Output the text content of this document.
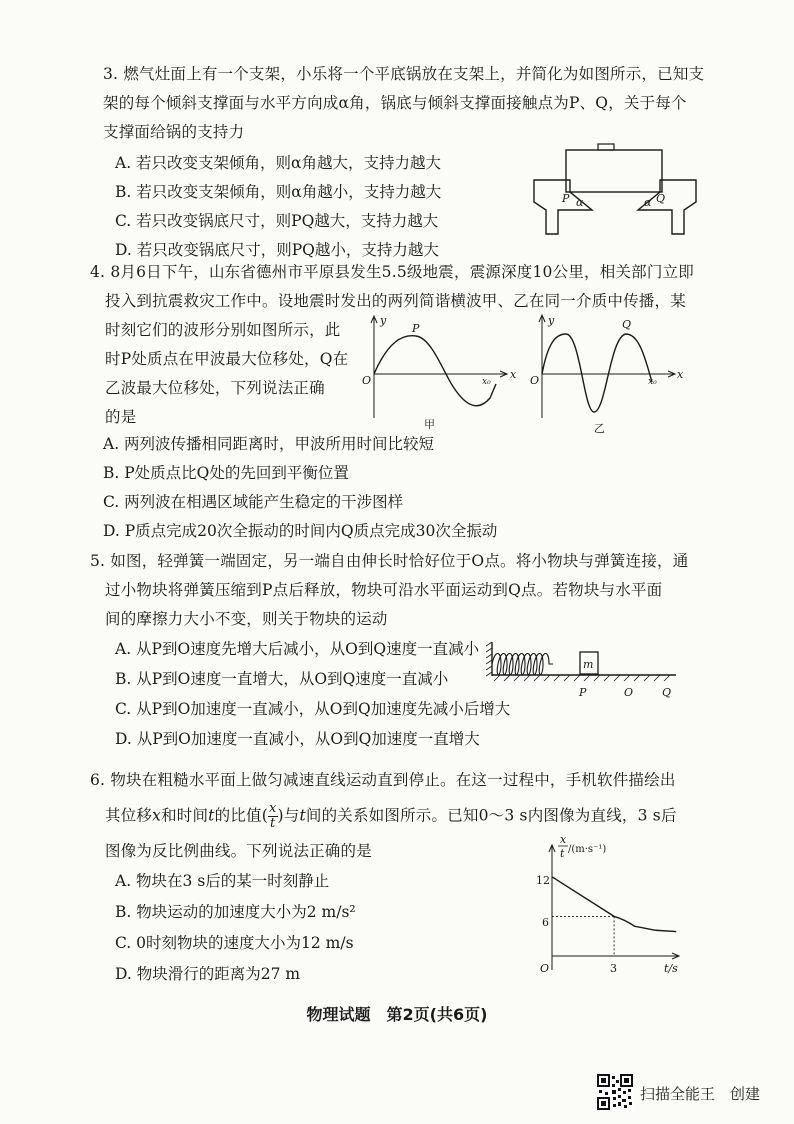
3. 燃气灶面上有一个支架，小乐将一个平底锅放在支架上，并简化为如图所示，已知支
架的每个倾斜支撑面与水平方向成α角，锅底与倾斜支撑面接触点为P、Q，关于每个
支撑面给锅的支持力
A. 若只改变支架倾角，则α角越大，支持力越大
B. 若只改变支架倾角，则α角越小，支持力越大
C. 若只改变锅底尺寸，则PQ越大，支持力越大
D. 若只改变锅底尺寸，则PQ越小，支持力越大
P α	Q
α
4. 8月6日下午，山东省德州市平原县发生5.5级地震，震源深度10公里，相关部门立即
投入到抗震救灾工作中。设地震时发出的两列简谐横波甲、乙在同一介质中传播，某
时刻它们的波形分别如图所示，此
时P处质点在甲波最大位移处，Q在
乙波最大位移处，下列说法正确
的是
A. 两列波传播相同距离时，甲波所用时间比较短
B. P处质点比Q处的先回到平衡位置
C. 两列波在相遇区域能产生稳定的干涉图样
D. P质点完成20次全振动的时间内Q质点完成30次全振动
y
x
O	x₀
P
甲
y
x
O	x₀
Q
乙
5. 如图，轻弹簧一端固定，另一端自由伸长时恰好位于O点。将小物块与弹簧连接，通
过小物块将弹簧压缩到P点后释放，物块可沿水平面运动到Q点。若物块与水平面
间的摩擦力大小不变，则关于物块的运动
A. 从P到O速度先增大后减小，从O到Q速度一直减小
B. 从P到O速度一直增大，从O到Q速度一直减小
C. 从P到O加速度一直减小，从O到Q加速度先减小后增大
D. 从P到O加速度一直减小，从O到Q加速度一直增大
m
P	O	Q
6. 物块在粗糙水平面上做匀减速直线运动直到停止。在这一过程中，手机软件描绘出
其位移x和时间t的比值( $\frac{x}{t}$ )与t间的关系如图所示。已知0～3 s内图像为直线，3 s后
图像为反比例曲线。下列说法正确的是
A. 物块在3 s后的某一时刻静止
B. 物块运动的加速度大小为2 m/s²
C. 0时刻物块的速度大小为12 m/s
D. 物块滑行的距离为27 m
x
t /(m·s⁻¹)
t/s
O
12
6
3
物理试题　第2页(共6页)
扫描全能王　创建
